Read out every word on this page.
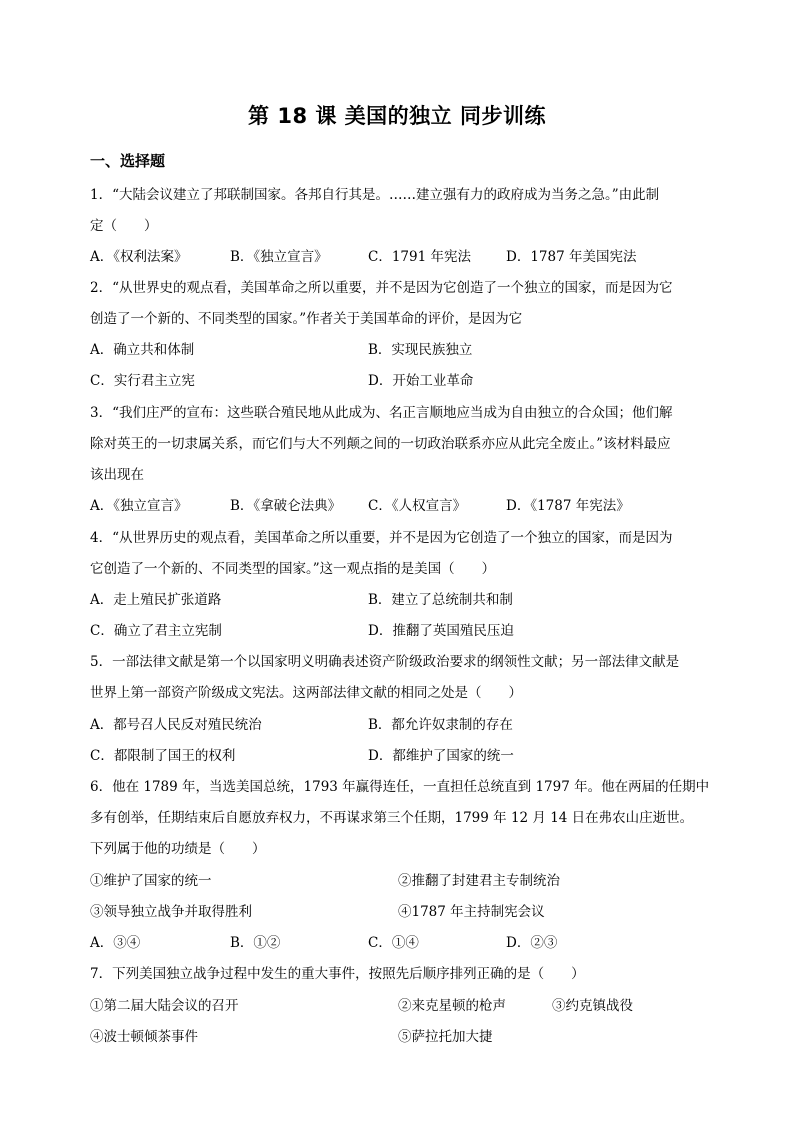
第 18 课 美国的独立 同步训练
一、选择题
1．“大陆会议建立了邦联制国家。各邦自行其是。……建立强有力的政府成为当务之急。”由此制
定（　　）
A．《权利法案》	B．《独立宣言》	C．1791 年宪法	D．1787 年美国宪法
2．“从世界史的观点看，美国革命之所以重要，并不是因为它创造了一个独立的国家，而是因为它
创造了一个新的、不同类型的国家。”作者关于美国革命的评价，是因为它
A．确立共和体制	B．实现民族独立
C．实行君主立宪	D．开始工业革命
3．“我们庄严的宣布：这些联合殖民地从此成为、名正言顺地应当成为自由独立的合众国；他们解
除对英王的一切隶属关系，而它们与大不列颠之间的一切政治联系亦应从此完全废止。”该材料最应
该出现在
A．《独立宣言》	B．《拿破仑法典》 C．《人权宣言》	D．《1787 年宪法》
4．“从世界历史的观点看，美国革命之所以重要，并不是因为它创造了一个独立的国家，而是因为
它创造了一个新的、不同类型的国家。”这一观点指的是美国（　　）
A．走上殖民扩张道路	B．建立了总统制共和制
C．确立了君主立宪制	D．推翻了英国殖民压迫
5．一部法律文献是第一个以国家明义明确表述资产阶级政治要求的纲领性文献；另一部法律文献是
世界上第一部资产阶级成文宪法。这两部法律文献的相同之处是（　　）
A．都号召人民反对殖民统治	B．都允许奴隶制的存在
C．都限制了国王的权利	D．都维护了国家的统一
6．他在 1789 年，当选美国总统，1793 年赢得连任，一直担任总统直到 1797 年。他在两届的任期中
多有创举，任期结束后自愿放弃权力，不再谋求第三个任期，1799 年 12 月 14 日在弗农山庄逝世。
下列属于他的功绩是（　　）
①维护了国家的统一	②推翻了封建君主专制统治
③领导独立战争并取得胜利	④1787 年主持制宪会议
A．③④	B．①②	C．①④	D．②③
7．下列美国独立战争过程中发生的重大事件，按照先后顺序排列正确的是（　　）
①第二届大陆会议的召开	②来克星顿的枪声	③约克镇战役
④波士顿倾茶事件	⑤萨拉托加大捷
